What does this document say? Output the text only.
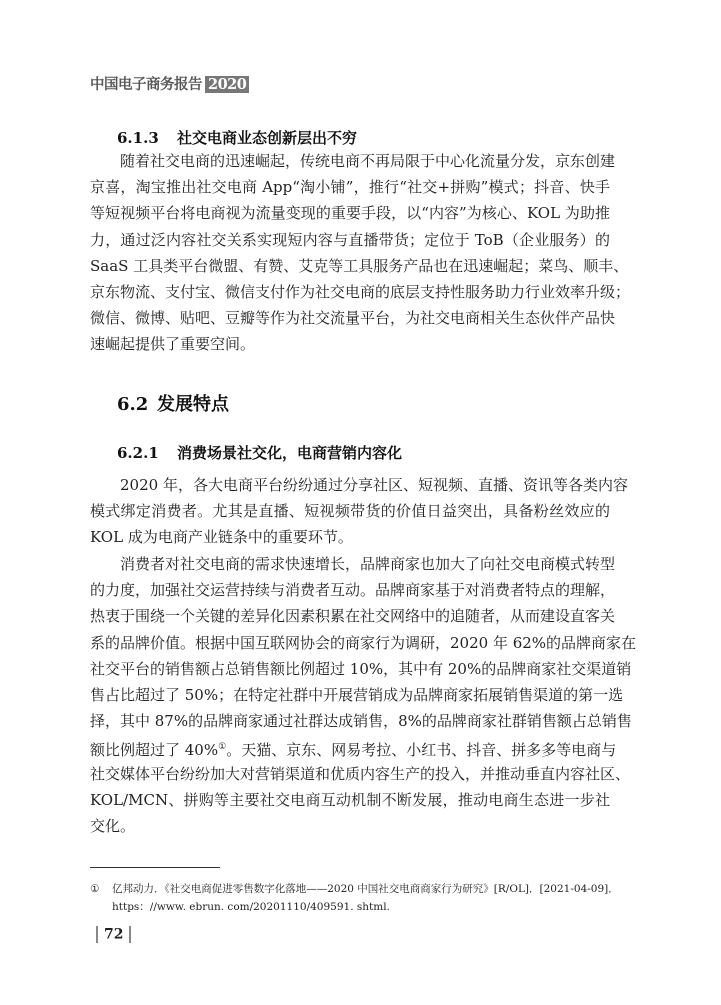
中国电子商务报告 2020
6.1.3 社交电商业态创新层出不穷
　　随着社交电商的迅速崛起，传统电商不再局限于中心化流量分发，京东创建
京喜，淘宝推出社交电商 App“淘小铺”，推行“社交+拼购”模式；抖音、快手
等短视频平台将电商视为流量变现的重要手段，以“内容”为核心、KOL 为助推
力，通过泛内容社交关系实现短内容与直播带货；定位于 ToB（企业服务）的
SaaS 工具类平台微盟、有赞、艾克等工具服务产品也在迅速崛起；菜鸟、顺丰、
京东物流、支付宝、微信支付作为社交电商的底层支持性服务助力行业效率升级；
微信、微博、贴吧、豆瓣等作为社交流量平台，为社交电商相关生态伙伴产品快
速崛起提供了重要空间。
6.2 发展特点
6.2.1 消费场景社交化，电商营销内容化
　　2020 年，各大电商平台纷纷通过分享社区、短视频、直播、资讯等各类内容
模式绑定消费者。尤其是直播、短视频带货的价值日益突出，具备粉丝效应的
KOL 成为电商产业链条中的重要环节。
　　消费者对社交电商的需求快速增长，品牌商家也加大了向社交电商模式转型
的力度，加强社交运营持续与消费者互动。品牌商家基于对消费者特点的理解，
热衷于围绕一个关键的差异化因素积累在社交网络中的追随者，从而建设直客关
系的品牌价值。根据中国互联网协会的商家行为调研，2020 年 62%的品牌商家在
社交平台的销售额占总销售额比例超过 10%，其中有 20%的品牌商家社交渠道销
售占比超过了 50%；在特定社群中开展营销成为品牌商家拓展销售渠道的第一选
择，其中 87%的品牌商家通过社群达成销售，8%的品牌商家社群销售额占总销售
额比例超过了 40%①。天猫、京东、网易考拉、小红书、抖音、拼多多等电商与
社交媒体平台纷纷加大对营销渠道和优质内容生产的投入，并推动垂直内容社区、
KOL/MCN、拼购等主要社交电商互动机制不断发展，推动电商生态进一步社
交化。
① 亿邦动力．《社交电商促进零售数字化落地——2020 中国社交电商商家行为研究》[R/OL]．[2021-04-09]．
https：//www. ebrun. com/20201110/409591. shtml.
72
